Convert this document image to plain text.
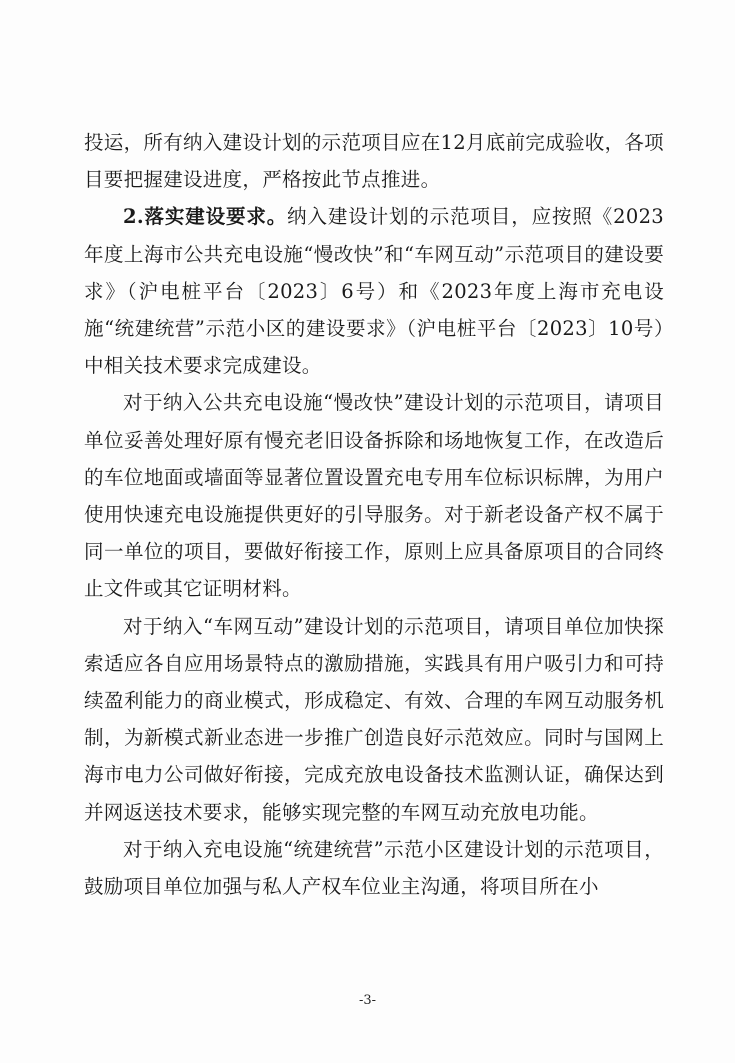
投运，所有纳入建设计划的示范项目应在12月底前完成验收，各项目要把握建设进度，严格按此节点推进。

2.落实建设要求。纳入建设计划的示范项目，应按照《2023年度上海市公共充电设施“慢改快”和“车网互动”示范项目的建设要求》（沪电桩平台〔2023〕6号）和《2023年度上海市充电设施“统建统营”示范小区的建设要求》（沪电桩平台〔2023〕10号）中相关技术要求完成建设。

对于纳入公共充电设施“慢改快”建设计划的示范项目，请项目单位妥善处理好原有慢充老旧设备拆除和场地恢复工作，在改造后的车位地面或墙面等显著位置设置充电专用车位标识标牌，为用户使用快速充电设施提供更好的引导服务。对于新老设备产权不属于同一单位的项目，要做好衔接工作，原则上应具备原项目的合同终止文件或其它证明材料。

对于纳入“车网互动”建设计划的示范项目，请项目单位加快探索适应各自应用场景特点的激励措施，实践具有用户吸引力和可持续盈利能力的商业模式，形成稳定、有效、合理的车网互动服务机制，为新模式新业态进一步推广创造良好示范效应。同时与国网上海市电力公司做好衔接，完成充放电设备技术监测认证，确保达到并网返送技术要求，能够实现完整的车网互动充放电功能。

对于纳入充电设施“统建统营”示范小区建设计划的示范项目，鼓励项目单位加强与私人产权车位业主沟通，将项目所在小

-3-
